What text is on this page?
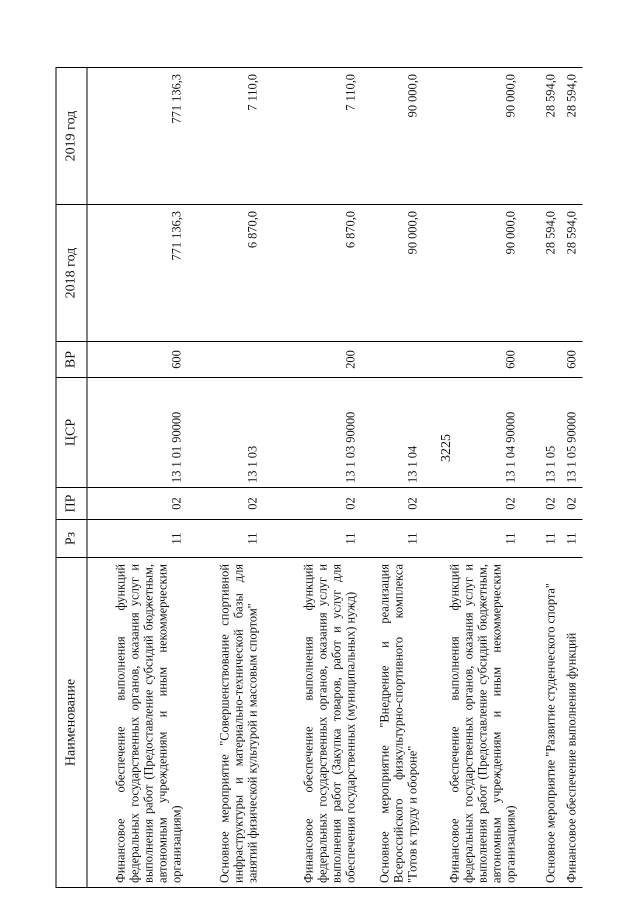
3225
Наименование	Рз	ПР	ЦСР	ВР	2018 год	2019 год
Финансовое обеспечение выполнения функций федеральных государственных органов, оказания услуг и выполнения работ (Предоставление субсидий бюджетным, автономным учреждениям и иным некоммерческим организациям)	11	02	13 1 01 90000	600	771 136,3	771 136,3
Основное мероприятие "Совершенствование спортивной инфраструктуры и материально-технической базы для занятий физической культурой и массовым спортом"	11	02	13 1 03		6 870,0	7 110,0
Финансовое обеспечение выполнения функций федеральных государственных органов, оказания услуг и выполнения работ (Закупка товаров, работ и услуг для обеспечения государственных (муниципальных) нужд)	11	02	13 1 03 90000	200	6 870,0	7 110,0
Основное мероприятие "Внедрение и реализация Всероссийского физкультурно-спортивного комплекса "Готов к труду и обороне"	11	02	13 1 04		90 000,0	90 000,0
Финансовое обеспечение выполнения функций федеральных государственных органов, оказания услуг и выполнения работ (Предоставление субсидий бюджетным, автономным учреждениям и иным некоммерческим организациям)	11	02	13 1 04 90000	600	90 000,0	90 000,0
Основное мероприятие "Развитие студенческого спорта"	11	02	13 1 05		28 594,0	28 594,0
Финансовое обеспечение выполнения функций	11	02	13 1 05 90000	600	28 594,0	28 594,0
